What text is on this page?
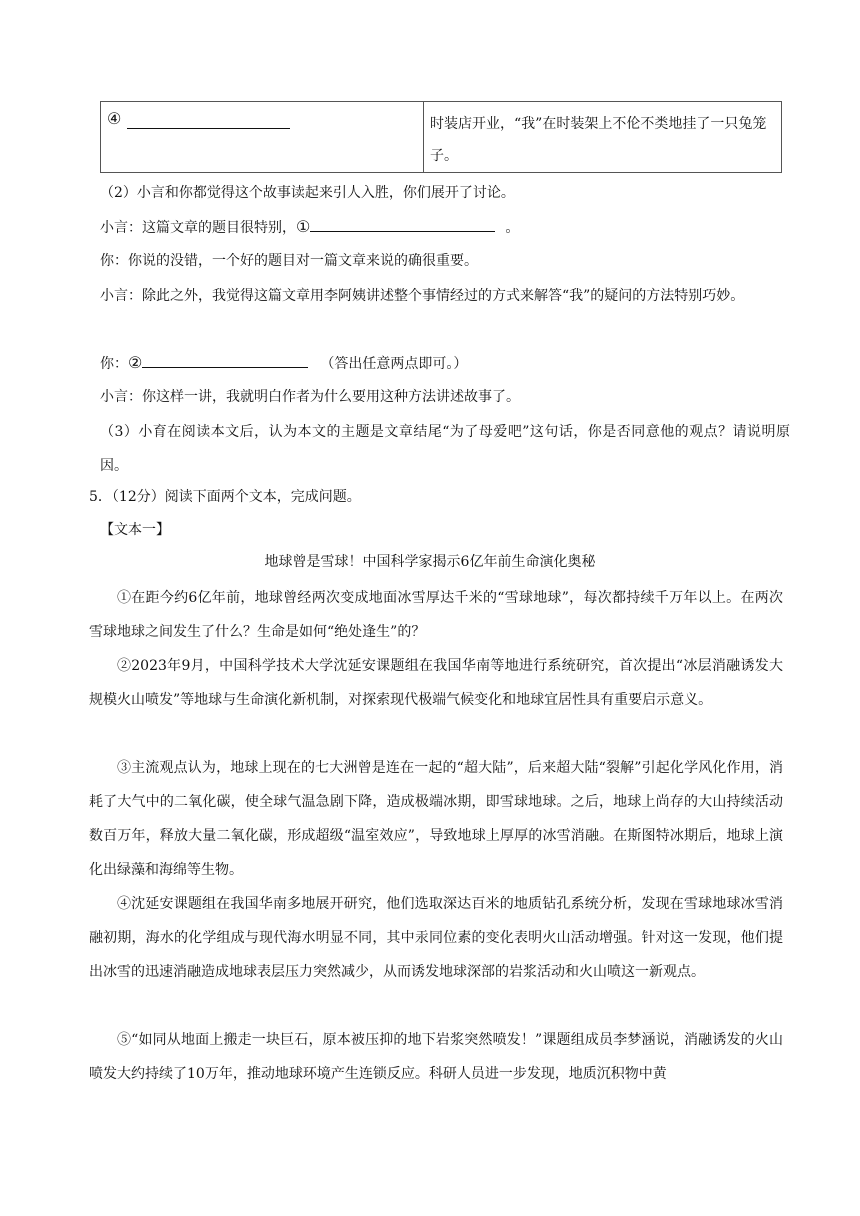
④	时装店开业，“我”在时装架上不伦不类地挂了一只兔笼子。
（2）小言和你都觉得这个故事读起来引人入胜，你们展开了讨论。
小言：这篇文章的题目很特别，①	。
你：你说的没错，一个好的题目对一篇文章来说的确很重要。
小言：除此之外，我觉得这篇文章用李阿姨讲述整个事情经过的方式来解答“我”的疑问的方法特别巧妙。
你：②	（答出任意两点即可。）
小言：你这样一讲，我就明白作者为什么要用这种方法讲述故事了。
（3）小育在阅读本文后，认为本文的主题是文章结尾“为了母爱吧”这句话，你是否同意他的观点？请说明原因。
5．（12分）阅读下面两个文本，完成问题。
【文本一】
地球曾是雪球！中国科学家揭示6亿年前生命演化奥秘
①在距今约6亿年前，地球曾经两次变成地面冰雪厚达千米的“雪球地球”，每次都持续千万年以上。在两次雪球地球之间发生了什么？生命是如何“绝处逢生”的？
②2023年9月，中国科学技术大学沈延安课题组在我国华南等地进行系统研究，首次提出“冰层消融诱发大规模火山喷发”等地球与生命演化新机制，对探索现代极端气候变化和地球宜居性具有重要启示意义。
③主流观点认为，地球上现在的七大洲曾是连在一起的“超大陆”，后来超大陆“裂解”引起化学风化作用，消耗了大气中的二氧化碳，使全球气温急剧下降，造成极端冰期，即雪球地球。之后，地球上尚存的大山持续活动数百万年，释放大量二氧化碳，形成超级“温室效应”，导致地球上厚厚的冰雪消融。在斯图特冰期后，地球上演化出绿藻和海绵等生物。
④沈延安课题组在我国华南多地展开研究，他们选取深达百米的地质钻孔系统分析，发现在雪球地球冰雪消融初期，海水的化学组成与现代海水明显不同，其中汞同位素的变化表明火山活动增强。针对这一发现，他们提出冰雪的迅速消融造成地球表层压力突然减少，从而诱发地球深部的岩浆活动和火山喷这一新观点。
⑤“如同从地面上搬走一块巨石，原本被压抑的地下岩浆突然喷发！”课题组成员李梦涵说，消融诱发的火山喷发大约持续了10万年，推动地球环境产生连锁反应。科研人员进一步发现，地质沉积物中黄
